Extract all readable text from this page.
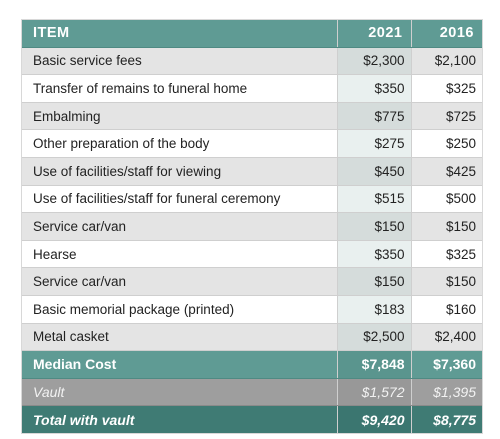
ITEM	2021	2016
Basic service fees	$2,300	$2,100
Transfer of remains to funeral home	$350	$325
Embalming	$775	$725
Other preparation of the body	$275	$250
Use of facilities/staff for viewing	$450	$425
Use of facilities/staff for funeral ceremony	$515	$500
Service car/van	$150	$150
Hearse	$350	$325
Service car/van	$150	$150
Basic memorial package (printed)	$183	$160
Metal casket	$2,500	$2,400
Median Cost	$7,848	$7,360
Vault	$1,572	$1,395
Total with vault	$9,420	$8,775
